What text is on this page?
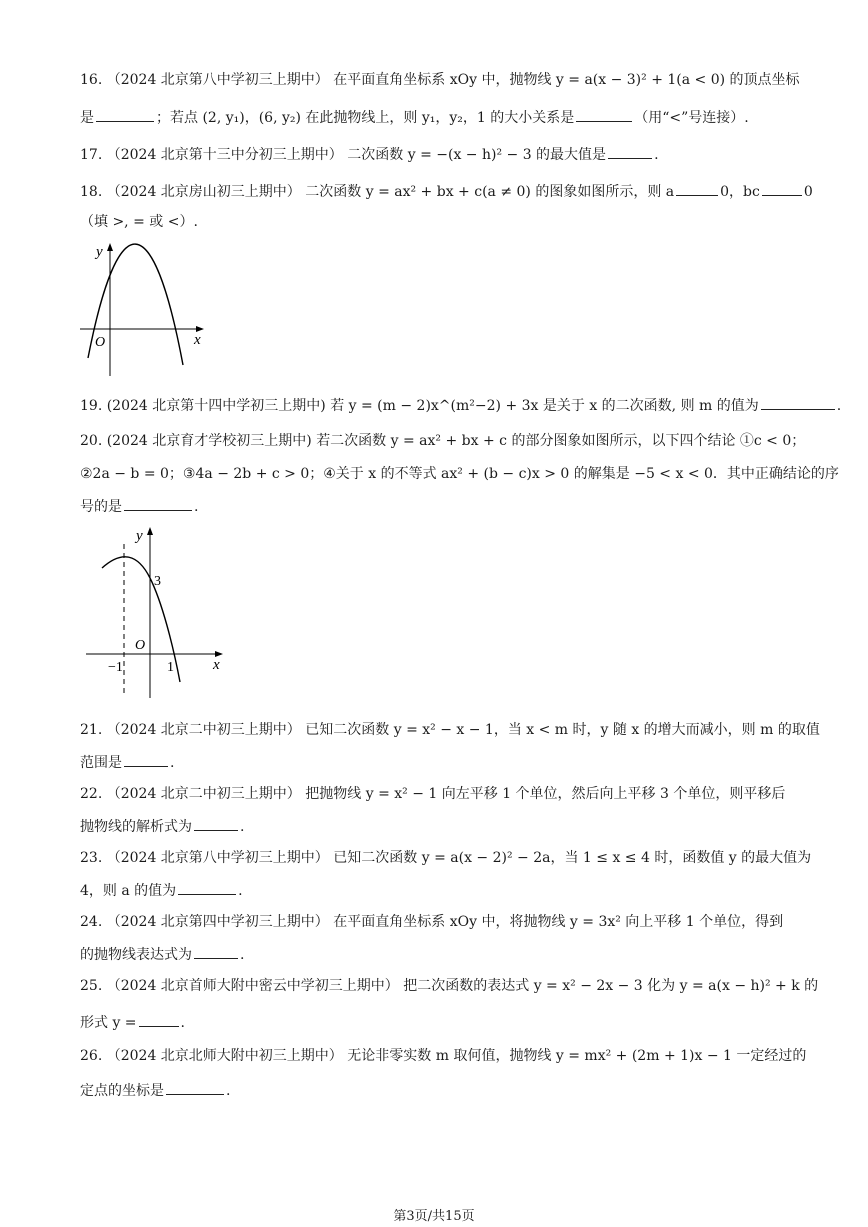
16. （2024 北京第八中学初三上期中） 在平面直角坐标系 xOy 中，抛物线 y = a(x − 3)² + 1(a < 0) 的顶点坐标
是	；若点 (2, y₁)，(6, y₂) 在此抛物线上，则 y₁，y₂，1 的大小关系是	（用“<”号连接）.
17. （2024 北京第十三中分初三上期中） 二次函数 y = −(x − h)² − 3 的最大值是	.
18. （2024 北京房山初三上期中） 二次函数 y = ax² + bx + c(a ≠ 0) 的图象如图所示，则 a	0，bc	0
（填 >, = 或 <）.
y
x
O
19. (2024 北京第十四中学初三上期中) 若 y = (m − 2)x^(m²−2) + 3x 是关于 x 的二次函数, 则 m 的值为	.
20. (2024 北京育才学校初三上期中) 若二次函数 y = ax² + bx + c 的部分图象如图所示，以下四个结论 ①c < 0；
②2a − b = 0；③4a − 2b + c > 0；④关于 x 的不等式 ax² + (b − c)x > 0 的解集是 −5 < x < 0．其中正确结论的序
号的是	.
y
x
O
3
−1	1
21. （2024 北京二中初三上期中） 已知二次函数 y = x² − x − 1，当 x < m 时，y 随 x 的增大而减小，则 m 的取值
范围是	.
22. （2024 北京二中初三上期中） 把抛物线 y = x² − 1 向左平移 1 个单位，然后向上平移 3 个单位，则平移后
抛物线的解析式为	.
23. （2024 北京第八中学初三上期中） 已知二次函数 y = a(x − 2)² − 2a，当 1 ≤ x ≤ 4 时，函数值 y 的最大值为
4，则 a 的值为	.
24. （2024 北京第四中学初三上期中） 在平面直角坐标系 xOy 中，将抛物线 y = 3x² 向上平移 1 个单位，得到
的抛物线表达式为	.
25. （2024 北京首师大附中密云中学初三上期中） 把二次函数的表达式 y = x² − 2x − 3 化为 y = a(x − h)² + k 的
形式 y =	.
26. （2024 北京北师大附中初三上期中） 无论非零实数 m 取何值，抛物线 y = mx² + (2m + 1)x − 1 一定经过的
定点的坐标是	.
第3页/共15页
